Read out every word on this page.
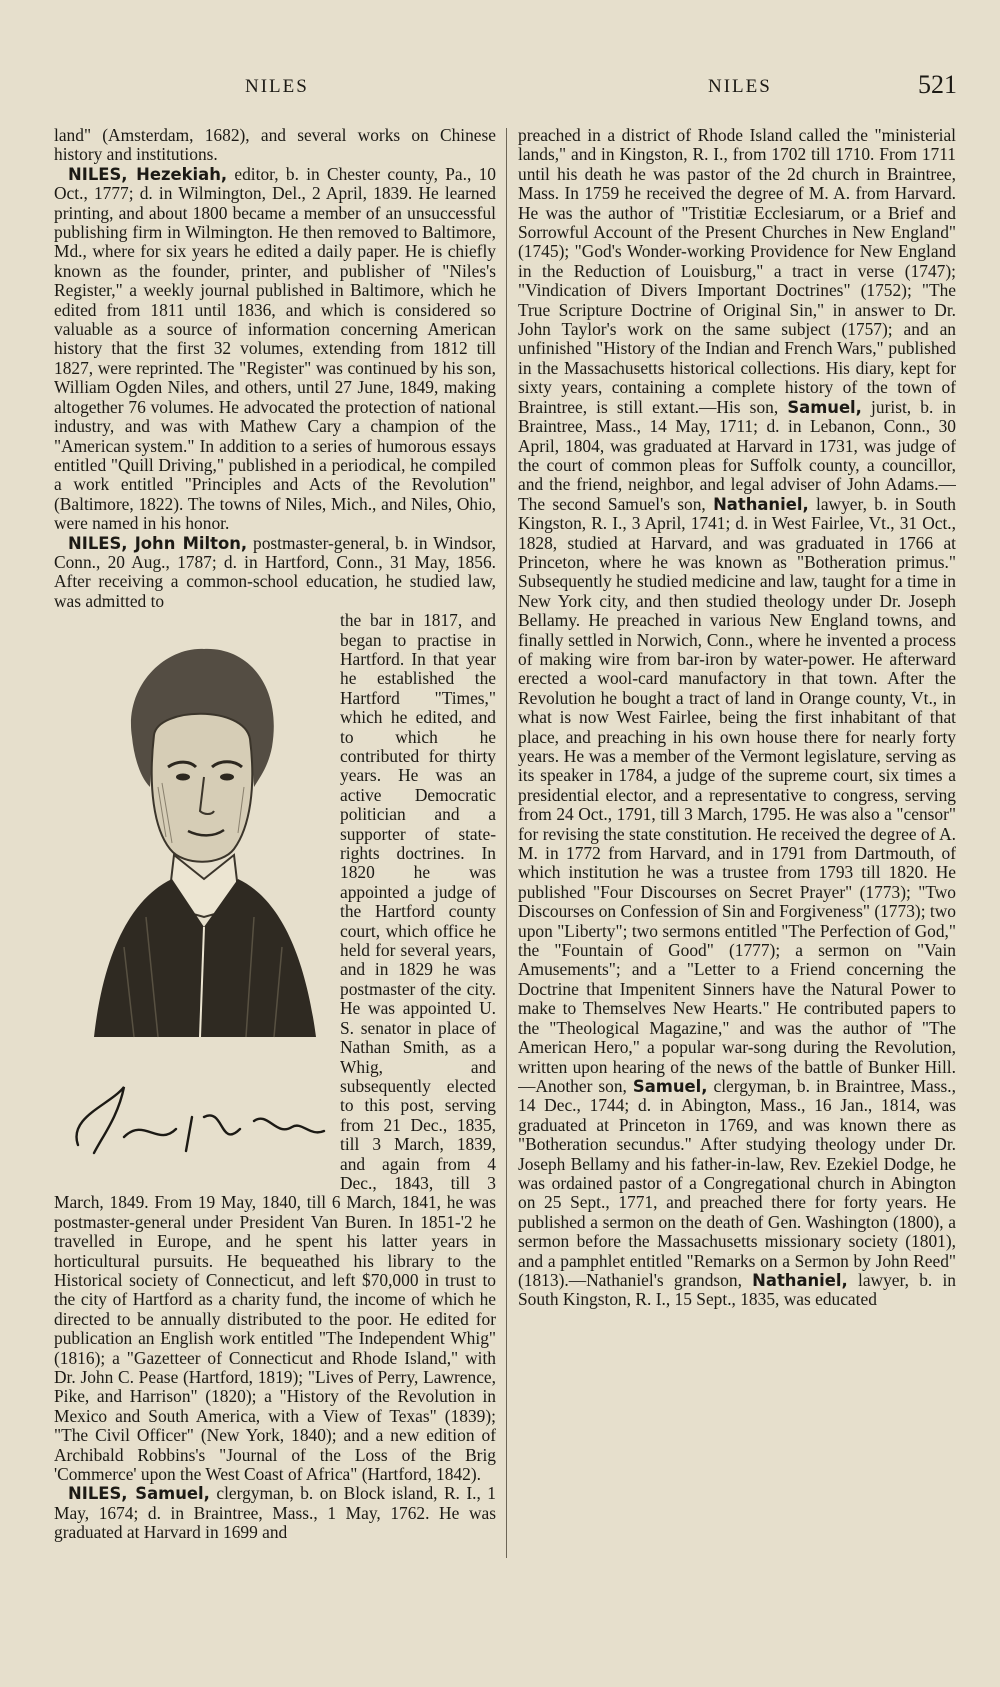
NILES	NILES	521

land" (Amsterdam, 1682), and several works on Chinese history and institutions.

NILES, Hezekiah, editor, b. in Chester county, Pa., 10 Oct., 1777; d. in Wilmington, Del., 2 April, 1839. He learned printing, and about 1800 became a member of an unsuccessful publishing firm in Wilmington. He then removed to Baltimore, Md., where for six years he edited a daily paper. He is chiefly known as the founder, printer, and publisher of "Niles's Register," a weekly journal published in Baltimore, which he edited from 1811 until 1836, and which is considered so valuable as a source of information concerning American history that the first 32 volumes, extending from 1812 till 1827, were reprinted. The "Register" was continued by his son, William Ogden Niles, and others, until 27 June, 1849, making altogether 76 volumes. He advocated the protection of national industry, and was with Mathew Cary a champion of the "American system." In addition to a series of humorous essays entitled "Quill Driving," published in a periodical, he compiled a work entitled "Principles and Acts of the Revolution" (Baltimore, 1822). The towns of Niles, Mich., and Niles, Ohio, were named in his honor.

NILES, John Milton, postmaster-general, b. in Windsor, Conn., 20 Aug., 1787; d. in Hartford, Conn., 31 May, 1856. After receiving a common-school education, he studied law, was admitted to

the bar in 1817, and began to practise in Hartford. In that year he established the Hartford "Times," which he edited, and to which he contributed for thirty years. He was an active Democratic politician and a supporter of state-rights doctrines. In 1820 he was appointed a judge of the Hartford county court, which office he held for several years, and in 1829 he was postmaster of the city. He was appointed U. S. senator in place of Nathan Smith, as a Whig, and subsequently elected to this post, serving from 21 Dec., 1835, till 3 March, 1839, and again from 4 Dec., 1843, till 3 March, 1849. From 19 May, 1840, till 6 March, 1841, he was postmaster-general under President Van Buren. In 1851-'2 he travelled in Europe, and he spent his latter years in horticultural pursuits. He bequeathed his library to the Historical society of Connecticut, and left $70,000 in trust to the city of Hartford as a charity fund, the income of which he directed to be annually distributed to the poor. He edited for publication an English work entitled "The Independent Whig" (1816); a "Gazetteer of Connecticut and Rhode Island," with Dr. John C. Pease (Hartford, 1819); "Lives of Perry, Lawrence, Pike, and Harrison" (1820); a "History of the Revolution in Mexico and South America, with a View of Texas" (1839); "The Civil Officer" (New York, 1840); and a new edition of Archibald Robbins's "Journal of the Loss of the Brig 'Commerce' upon the West Coast of Africa" (Hartford, 1842).

NILES, Samuel, clergyman, b. on Block island, R. I., 1 May, 1674; d. in Braintree, Mass., 1 May, 1762. He was graduated at Harvard in 1699 and

preached in a district of Rhode Island called the "ministerial lands," and in Kingston, R. I., from 1702 till 1710. From 1711 until his death he was pastor of the 2d church in Braintree, Mass. In 1759 he received the degree of M. A. from Harvard. He was the author of "Tristitiæ Ecclesiarum, or a Brief and Sorrowful Account of the Present Churches in New England" (1745); "God's Wonder-working Providence for New England in the Reduction of Louisburg," a tract in verse (1747); "Vindication of Divers Important Doctrines" (1752); "The True Scripture Doctrine of Original Sin," in answer to Dr. John Taylor's work on the same subject (1757); and an unfinished "History of the Indian and French Wars," published in the Massachusetts historical collections. His diary, kept for sixty years, containing a complete history of the town of Braintree, is still extant.—His son, Samuel, jurist, b. in Braintree, Mass., 14 May, 1711; d. in Lebanon, Conn., 30 April, 1804, was graduated at Harvard in 1731, was judge of the court of common pleas for Suffolk county, a councillor, and the friend, neighbor, and legal adviser of John Adams.—The second Samuel's son, Nathaniel, lawyer, b. in South Kingston, R. I., 3 April, 1741; d. in West Fairlee, Vt., 31 Oct., 1828, studied at Harvard, and was graduated in 1766 at Princeton, where he was known as "Botheration primus." Subsequently he studied medicine and law, taught for a time in New York city, and then studied theology under Dr. Joseph Bellamy. He preached in various New England towns, and finally settled in Norwich, Conn., where he invented a process of making wire from bar-iron by water-power. He afterward erected a wool-card manufactory in that town. After the Revolution he bought a tract of land in Orange county, Vt., in what is now West Fairlee, being the first inhabitant of that place, and preaching in his own house there for nearly forty years. He was a member of the Vermont legislature, serving as its speaker in 1784, a judge of the supreme court, six times a presidential elector, and a representative to congress, serving from 24 Oct., 1791, till 3 March, 1795. He was also a "censor" for revising the state constitution. He received the degree of A. M. in 1772 from Harvard, and in 1791 from Dartmouth, of which institution he was a trustee from 1793 till 1820. He published "Four Discourses on Secret Prayer" (1773); "Two Discourses on Confession of Sin and Forgiveness" (1773); two upon "Liberty"; two sermons entitled "The Perfection of God," the "Fountain of Good" (1777); a sermon on "Vain Amusements"; and a "Letter to a Friend concerning the Doctrine that Impenitent Sinners have the Natural Power to make to Themselves New Hearts." He contributed papers to the "Theological Magazine," and was the author of "The American Hero," a popular war-song during the Revolution, written upon hearing of the news of the battle of Bunker Hill.—Another son, Samuel, clergyman, b. in Braintree, Mass., 14 Dec., 1744; d. in Abington, Mass., 16 Jan., 1814, was graduated at Princeton in 1769, and was known there as "Botheration secundus." After studying theology under Dr. Joseph Bellamy and his father-in-law, Rev. Ezekiel Dodge, he was ordained pastor of a Congregational church in Abington on 25 Sept., 1771, and preached there for forty years. He published a sermon on the death of Gen. Washington (1800), a sermon before the Massachusetts missionary society (1801), and a pamphlet entitled "Remarks on a Sermon by John Reed" (1813).—Nathaniel's grandson, Nathaniel, lawyer, b. in South Kingston, R. I., 15 Sept., 1835, was educated
